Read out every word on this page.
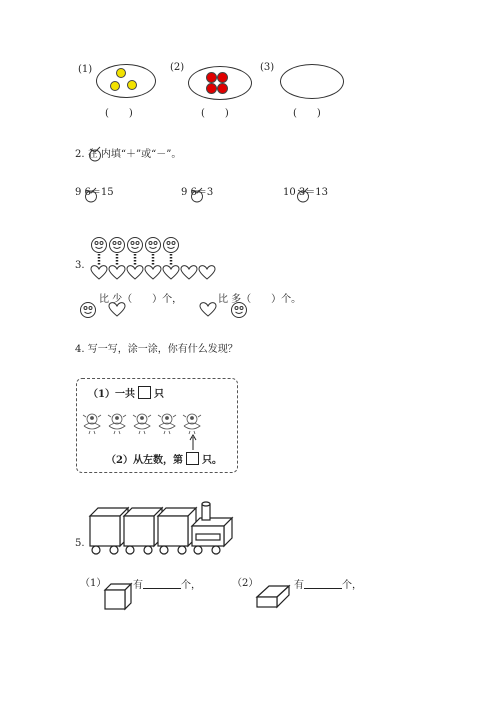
(1)
(　　)
(2)
(　　)
(3)
(　　)
2. 在 内填“＋”或“－”。
9 6＝15	9 6＝3	10 3＝13
3.
比 少（　　）个，	比 多（　　）个。
4. 写一写，涂一涂，你有什么发现？
（1）一共 只
（2）从左数，第 只。
5.
（1）	有	个，	（2）	有	个，
